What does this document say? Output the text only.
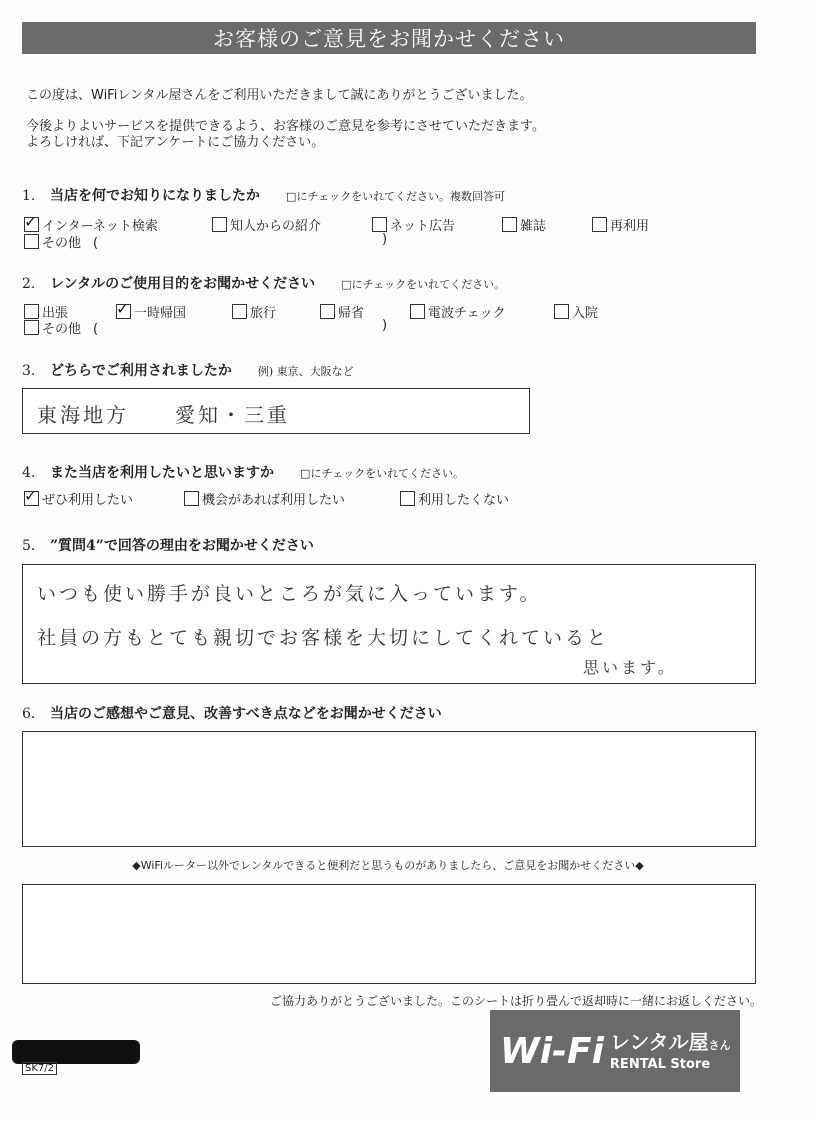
お客様のご意見をお聞かせください
この度は、WiFiレンタル屋さんをご利用いただきまして誠にありがとうございました。
今後よりよいサービスを提供できるよう、お客様のご意見を参考にさせていただきます。
よろしければ、下記アンケートにご協力ください。
1. 当店を何でお知りになりましたか □にチェックをいれてください。複数回答可
✓インターネット検索	知人からの紹介	ネット広告	雑誌	再利用
その他 (	)
2. レンタルのご使用目的をお聞かせください □にチェックをいれてください。
出張
✓	一時帰国	旅行	帰省	電波チェック	入院
その他 (	)
3. どちらでご利用されましたか 例) 東京、大阪など
東海地方　　愛知・三重
4. また当店を利用したいと思いますか □にチェックをいれてください。
✓ぜひ利用したい	機会があれば利用したい	利用したくない
5. ”質問4”で回答の理由をお聞かせください
いつも使い勝手が良いところが気に入っています。
社員の方もとても親切でお客様を大切にしてくれていると
思います。
6. 当店のご感想やご意見、改善すべき点などをお聞かせください
◆WiFiルーター以外でレンタルできると便利だと思うものがありましたら、ご意見をお聞かせください◆
ご協力ありがとうございました。このシートは折り畳んで返却時に一緒にお返しください。
SK7/2	Wi-Fi レンタル屋さん
RENTAL Store
